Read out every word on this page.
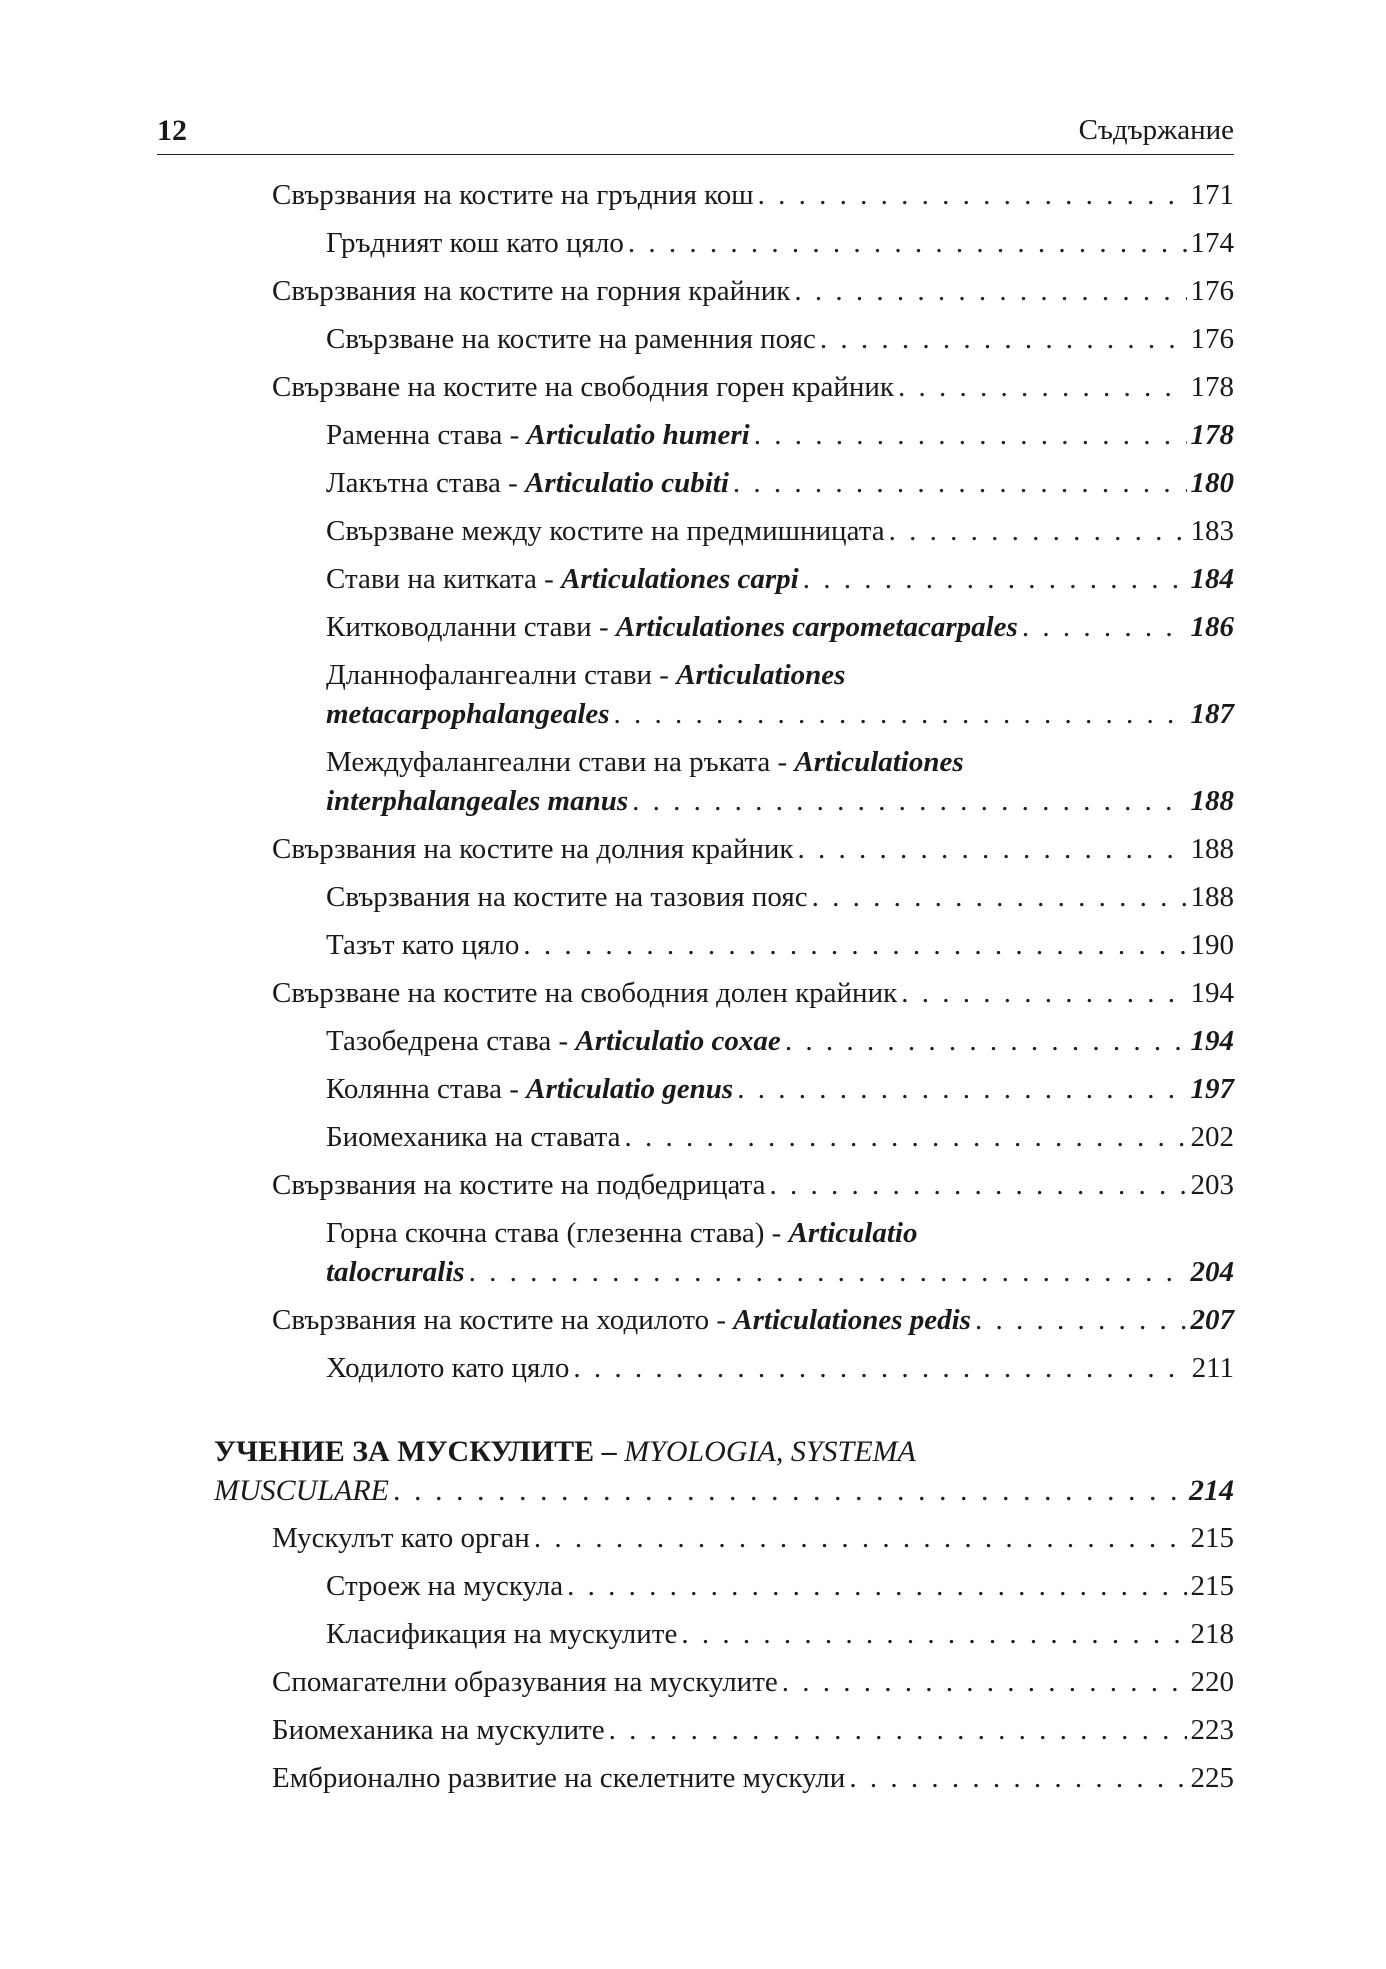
12	Съдържание
Свързвания на костите на гръдния кош . . .	171
Гръдният кош като цяло . . .	174
Свързвания на костите на горния крайник . . .	176
Свързване на костите на раменния пояс . . .	176
Свързване на костите на свободния горен крайник . . .	178
Раменна става - Articulatio humeri . . .	178
Лакътна става - Articulatio cubiti . . .	180
Свързване между костите на предмишницата . . .	183
Стави на китката - Articulationes carpi . . .	184
Китководланни стави - Articulationes carpometacarpales . . .	186
Дланнофалангеални стави - Articulationes
metacarpophalangeales . . .	187
Междуфалангеални стави на ръката - Articulationes
interphalangeales manus . . .	188
Свързвания на костите на долния крайник . . .	188
Свързвания на костите на тазовия пояс . . .	188
Тазът като цяло . . .	190
Свързване на костите на свободния долен крайник . . .	194
Тазобедрена става - Articulatio coxae . . .	194
Колянна става - Articulatio genus . . .	197
Биомеханика на ставата . . .	202
Свързвания на костите на подбедрицата . . .	203
Горна скочна става (глезенна става) - Articulatio
talocruralis . . .	204
Свързвания на костите на ходилото - Articulationes pedis . . .	207
Ходилото като цяло . . .	211
УЧЕНИЕ ЗА МУСКУЛИТЕ – MYOLOGIA, SYSTEMA
MUSCULARE . . .	214
Мускулът като орган . . .	215
Строеж на мускула . . .	215
Класификация на мускулите . . .	218
Спомагателни образувания на мускулите . . .	220
Биомеханика на мускулите . . .	223
Ембрионално развитие на скелетните мускули . . .	225
